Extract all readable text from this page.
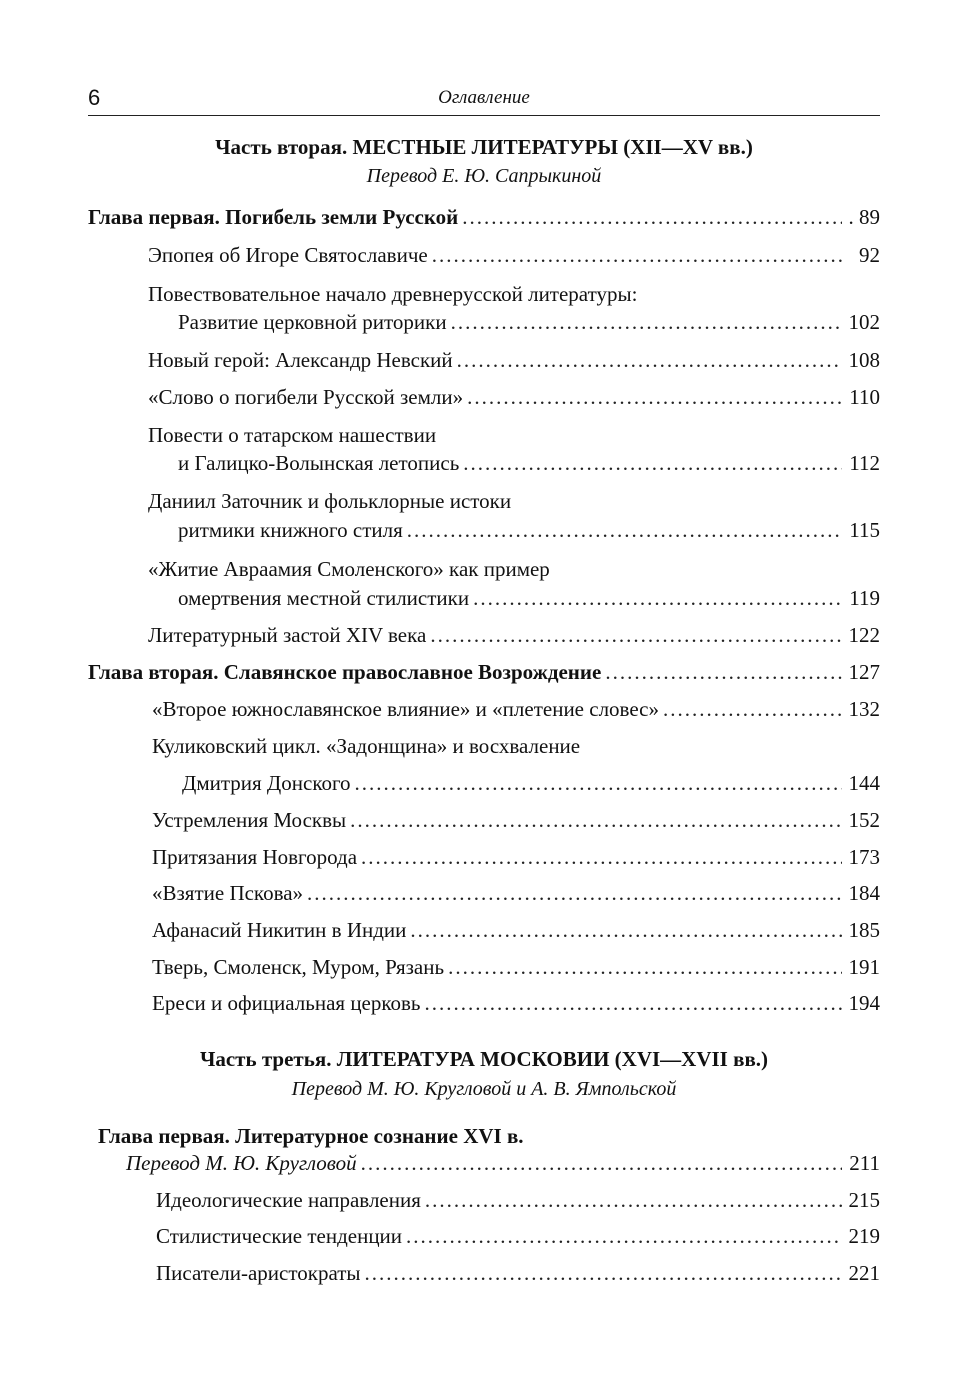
6	Оглавление
Часть вторая. МЕСТНЫЕ ЛИТЕРАТУРЫ (XII—XV вв.)
Перевод Е. Ю. Сапрыкиной
Глава первая. Погибель земли Русской .....	. 89
Эпопея об Игоре Святославиче .....	92
Повествовательное начало древнерусской литературы:
Развитие церковной риторики .....	102
Новый герой: Александр Невский .....	108
«Слово о погибели Русской земли» .....	110
Повести о татарском нашествии
и Галицко-Волынская летопись .....	112
Даниил Заточник и фольклорные истоки
ритмики книжного стиля .....	115
«Житие Авраамия Смоленского» как пример
омертвения местной стилистики .....	119
Литературный застой XIV века .....	122
Глава вторая. Славянское православное Возрождение .....	127
«Второе южнославянское влияние» и «плетение словес» .....	132
Куликовский цикл. «Задонщина» и восхваление
Дмитрия Донского .....	144
Устремления Москвы .....	152
Притязания Новгорода .....	173
«Взятие Пскова» .....	184
Афанасий Никитин в Индии .....	185
Тверь, Смоленск, Муром, Рязань .....	191
Ереси и официальная церковь .....	194
Часть третья. ЛИТЕРАТУРА МОСКОВИИ (XVI—XVII вв.)
Перевод М. Ю. Кругловой и А. В. Ямпольской
Глава первая. Литературное сознание XVI в.
Перевод М. Ю. Кругловой .....	211
Идеологические направления .....	215
Стилистические тенденции .....	219
Писатели-аристократы .....	221
